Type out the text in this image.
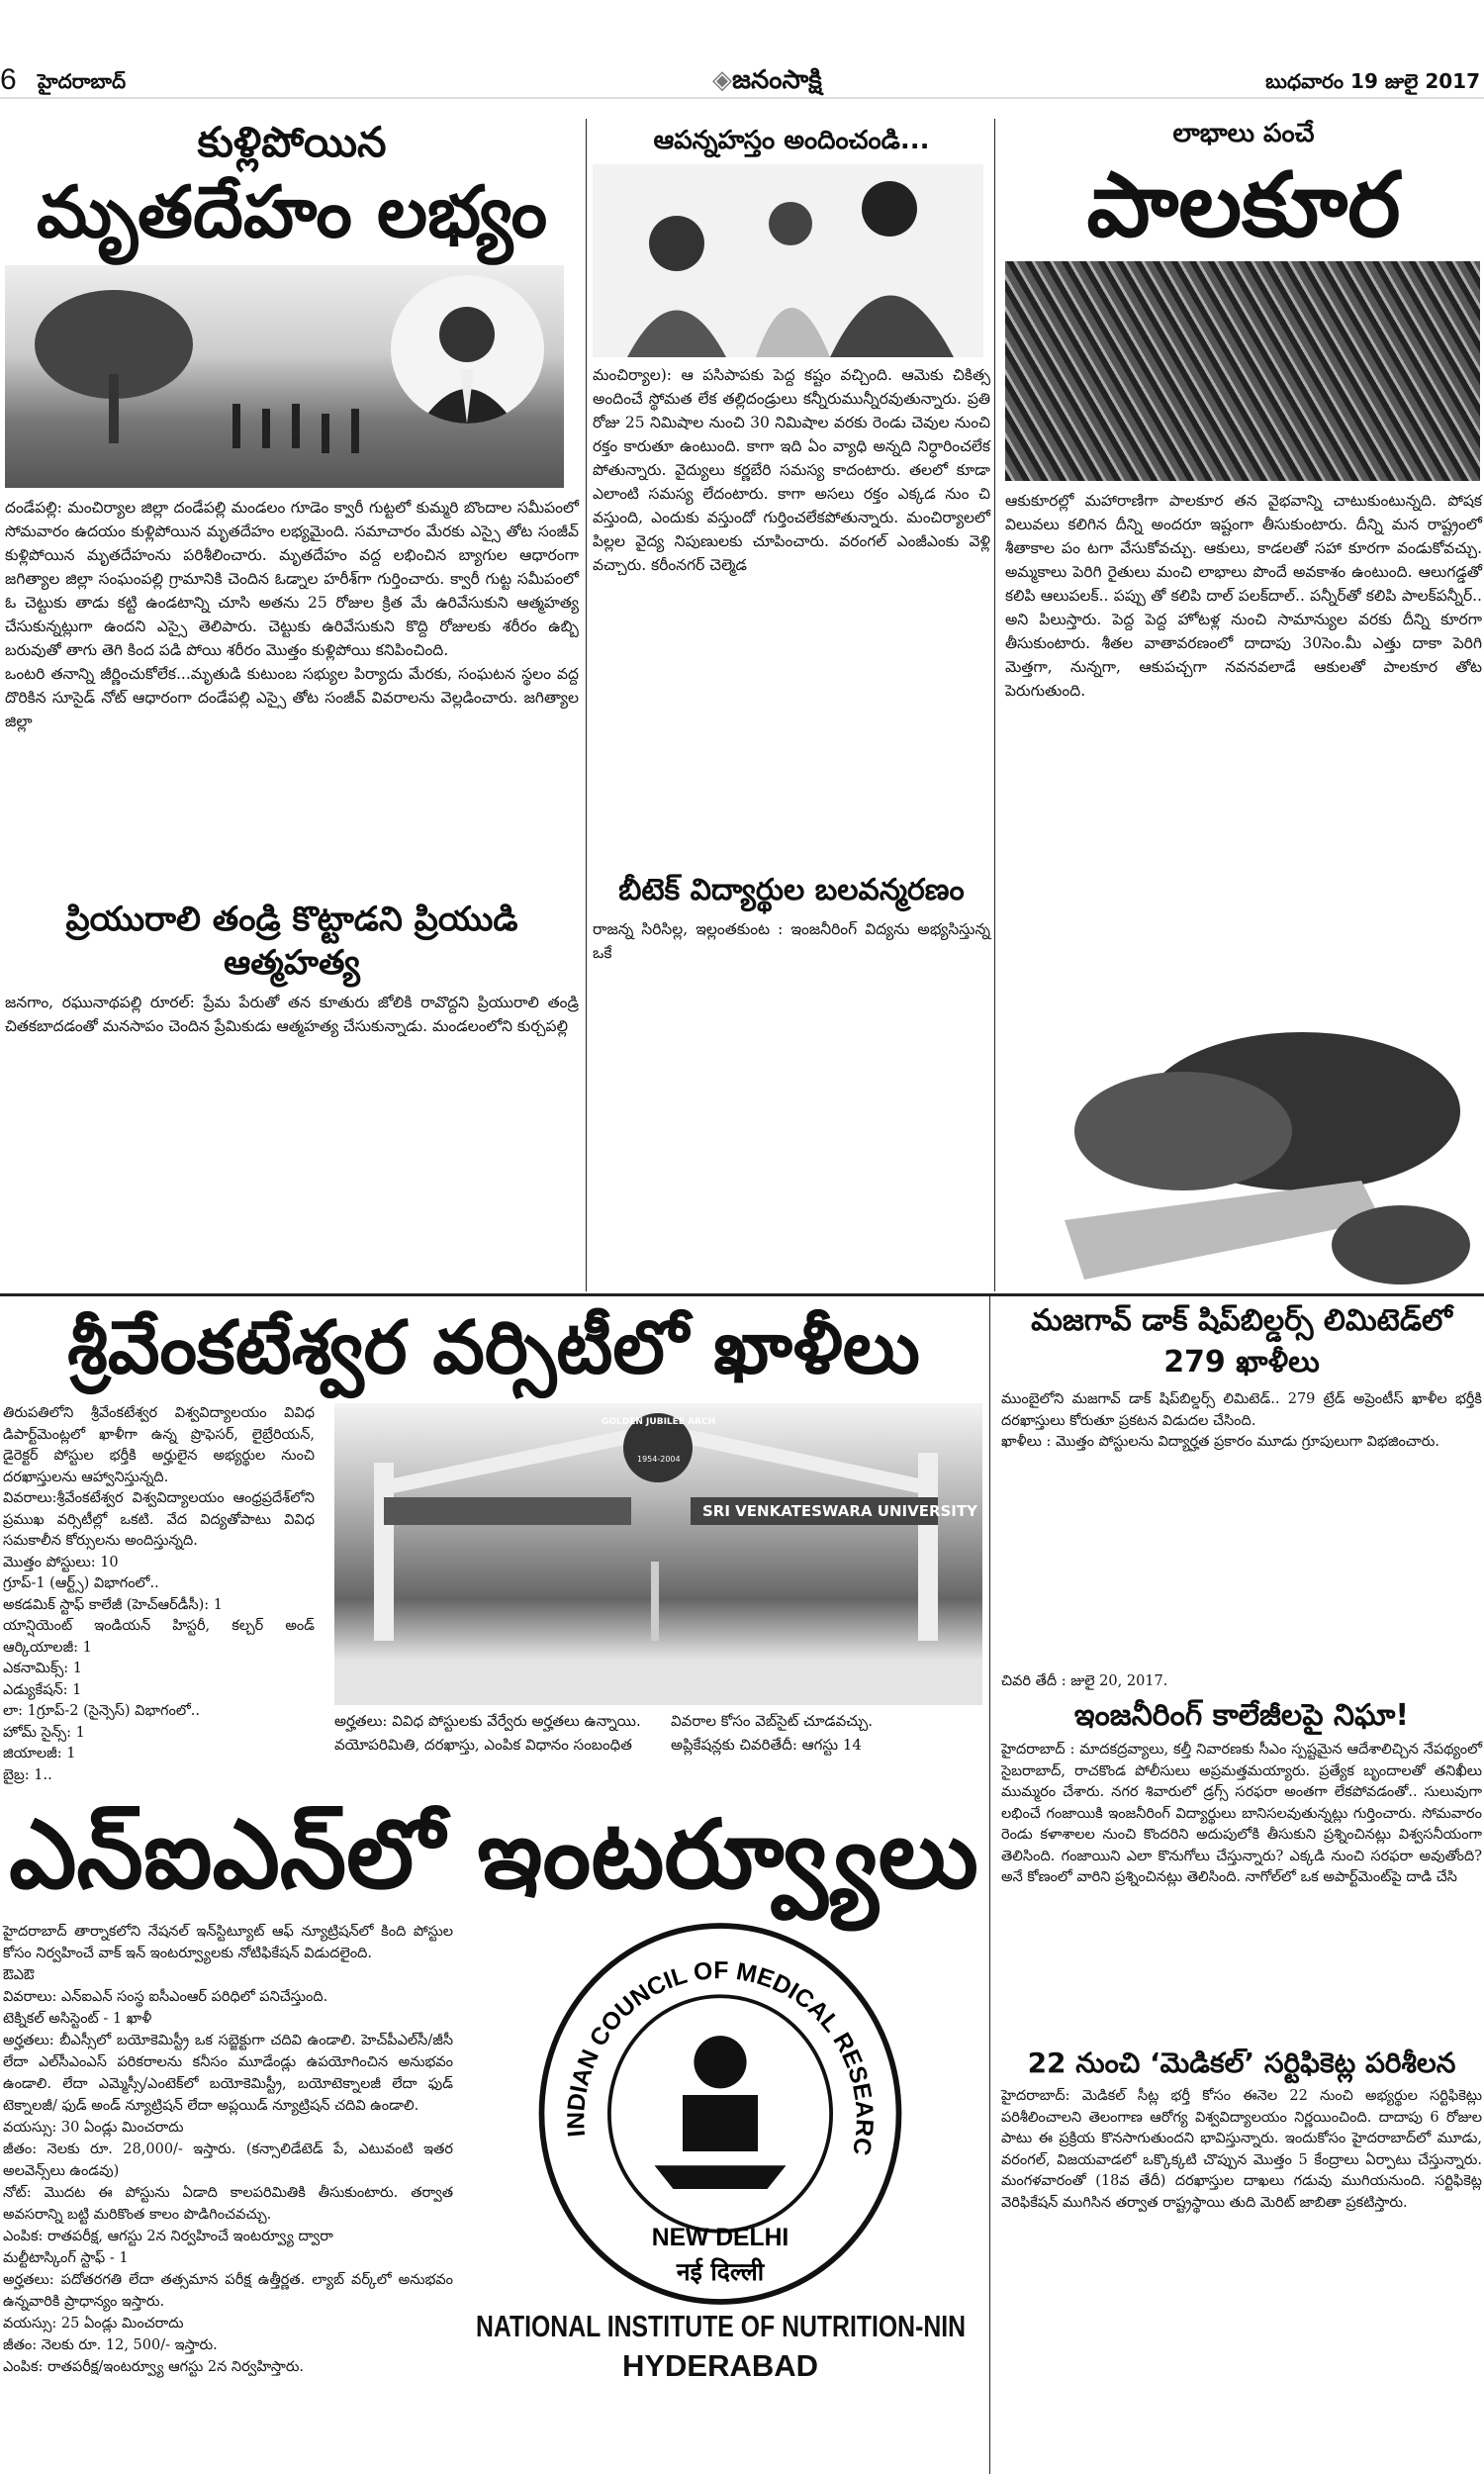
6 హైదరాబాద్	◈జనంసాక్షి	బుధవారం 19 జులై 2017
కుళ్లిపోయిన
మృతదేహం లభ్యం

దండేపల్లి: మంచిర్యాల జిల్లా దండేపల్లి మండలం గూడెం క్వారీ గుట్టలో కుమ్మరి బొందాల సమీపంలో సోమవారం ఉదయం కుళ్లిపోయిన మృతదేహం లభ్యమైంది. సమాచారం మేరకు ఎస్సై తోట సంజీవ్ కుళ్లిపోయిన మృతదేహంను పరిశీలించారు. మృతదేహం వద్ద లభించిన బ్యాగుల ఆధారంగా జగిత్యాల జిల్లా సంఘంపల్లి గ్రామానికి చెందిన ఓడ్నాల హరీశ్‌గా గుర్తించారు. క్వారీ గుట్ట సమీపంలో ఓ చెట్టుకు తాడు కట్టి ఉండటాన్ని చూసి అతను 25 రోజుల క్రిత మే ఉరివేసుకుని ఆత్మహత్య చేసుకున్నట్లుగా ఉందని ఎస్సై తెలిపారు. చెట్టుకు ఉరివేసుకుని కొద్ది రోజులకు శరీరం ఉబ్బి బరువుతో తాగు తెగి కింద పడి పోయి శరీరం మొత్తం కుళ్లిపోయి కనిపించింది.

ఒంటరి తనాన్ని జీర్ణించుకోలేక...మృతుడి కుటుంబ సభ్యుల పిర్యాదు మేరకు, సంఘటన స్థలం వద్ద దొరికిన సూసైడ్ నోట్ ఆధారంగా దండేపల్లి ఎస్సై తోట సంజీవ్ వివరాలను వెల్లడించారు. జగిత్యాల జిల్లా

ప్రియురాలి తండ్రి కొట్టాడని ప్రియుడి ఆత్మహత్య
జనగాం, రఘునాథపల్లి రూరల్: ప్రేమ పేరుతో తన కూతురు జోలికి రావొద్దని ప్రియురాలి తండ్రి చితకబాదడంతో మనసాపం చెందిన ప్రేమికుడు ఆత్మహత్య చేసుకున్నాడు. మండలంలోని కుర్చపల్లి
ఆపన్నహస్తం అందించండి...
మంచిర్యాల): ఆ పసిపాపకు పెద్ద కష్టం వచ్చింది. ఆమెకు చికిత్స అందించే స్థోమత లేక తల్లిదండ్రులు కన్నీరుమున్నీరవుతున్నారు. ప్రతి రోజు 25 నిమిషాల నుంచి 30 నిమిషాల వరకు రెండు చెవుల నుంచి రక్తం కారుతూ ఉంటుంది. కాగా ఇది ఏం వ్యాధి అన్నది నిర్ధారించలేక పోతున్నారు. వైద్యులు కర్ణబేరి సమస్య కాదంటారు. తలలో కూడా ఎలాంటి సమస్య లేదంటారు. కాగా అసలు రక్తం ఎక్కడ నుం చి వస్తుంది, ఎందుకు వస్తుందో గుర్తించలేకపోతున్నారు. మంచిర్యాలలో పిల్లల వైద్య నిపుణులకు చూపించారు. వరంగల్ ఎంజీఎంకు వెళ్లి వచ్చారు. కరీంనగర్ చెల్మెడ
బీటెక్ విద్యార్థుల బలవన్మరణం
రాజన్న సిరిసిల్ల, ఇల్లంతకుంట : ఇంజనీరింగ్ విద్యను అభ్యసిస్తున్న ఒకే
లాభాలు పంచే
పాలకూర
ఆకుకూరల్లో మహారాణిగా పాలకూర తన వైభవాన్ని చాటుకుంటున్నది. పోషక విలువలు కలిగిన దీన్ని అందరూ ఇష్టంగా తీసుకుంటారు. దీన్ని మన రాష్ట్రంలో శీతాకాల పం టగా వేసుకోవచ్చు. ఆకులు, కాడలతో సహా కూరగా వండుకోవచ్చు. అమ్మకాలు పెరిగి రైతులు మంచి లాభాలు పొందే అవకాశం ఉంటుంది. ఆలుగడ్డతో కలిపి ఆలుపలక్.. పప్పు తో కలిపి దాల్ పలక్‌దాల్.. పన్నీర్‌తో కలిపి పాలక్‌పన్నీర్.. అని పిలుస్తారు. పెద్ద పెద్ద హోటళ్ల నుంచి సామాన్యుల వరకు దీన్ని కూరగా తీసుకుంటారు. శీతల వాతావరణంలో దాదాపు 30సెం.మీ ఎత్తు దాకా పెరిగి మెత్తగా, నున్నగా, ఆకుపచ్చగా నవనవలాడే ఆకులతో పాలకూర తోట పెరుగుతుంది.
శ్రీవేంకటేశ్వర వర్సిటీలో ఖాళీలు

తిరుపతిలోని శ్రీవేంకటేశ్వర విశ్వవిద్యాలయం వివిధ డిపార్ట్‌మెంట్లలో ఖాళీగా ఉన్న ప్రొఫెసర్, లైబ్రేరియన్, డైరెక్టర్ పోస్టుల భర్తీకి అర్హులైన అభ్యర్థుల నుంచి దరఖాస్తులను ఆహ్వానిస్తున్నది.

వివరాలు:శ్రీవేంకటేశ్వర విశ్వవిద్యాలయం ఆంధ్రప్రదేశ్‌లోని ప్రముఖ వర్సిటీల్లో ఒకటి. వేద విద్యతోపాటు వివిధ సమకాలీన కోర్సులను అందిస్తున్నది.

మొత్తం పోస్టులు: 10

గ్రూప్-1 (ఆర్ట్స్) విభాగంలో..

అకడమిక్ స్టాఫ్ కాలేజీ (హెచ్‌ఆర్‌డీసీ): 1

యాన్షియెంట్ ఇండియన్ హిస్టరీ, కల్చర్ అండ్ ఆర్కియాలజీ: 1

ఎకనామిక్స్: 1

ఎడ్యుకేషన్: 1

లా: 1గ్రూప్-2 (సైన్సెస్) విభాగంలో..

హోమ్ సైన్స్: 1

జియాలజీ: 1

బైబ్ర: 1..

GOLDEN JUBILEE ARCH
1954-2004
SRI VENKATESWARA UNIVERSITY
అర్హతలు: వివిధ పోస్టులకు వేర్వేరు అర్హతలు ఉన్నాయి.
వయోపరిమితి, దరఖాస్తు, ఎంపిక విధానం సంబంధిత
వివరాల కోసం వెబ్‌సైట్ చూడవచ్చు.
అప్లికేషన్లకు చివరితేదీ: ఆగస్టు 14
ఎన్ఐఎన్‌లో ఇంటర్వ్యూలు

హైదరాబాద్ తార్నాకలోని నేషనల్ ఇన్‌స్టిట్యూట్ ఆఫ్ న్యూట్రిషన్‌లో కింది పోస్టుల కోసం నిర్వహించే వాక్ ఇన్ ఇంటర్వ్యూలకు నోటిఫికేషన్ విడుదలైంది.

ఔఎఔ

వివరాలు: ఎన్ఐఎన్ సంస్థ ఐసీఎంఆర్ పరిధిలో పనిచేస్తుంది.

టెక్నికల్ అసిస్టెంట్ - 1 ఖాళీ

అర్హతలు: బీఎస్సీలో బయోకెమిస్ట్రీ ఒక సబ్జెక్టుగా చదివి ఉండాలి. హెచ్‌పీఎల్‌సీ/జీసీ లేదా ఎల్‌సీఎంఎస్ పరికరాలను కనీసం మూడేండ్లు ఉపయోగించిన అనుభవం ఉండాలి. లేదా ఎమ్మెస్సీ/ఎంటెక్‌లో బయోకెమిస్ట్రీ, బయోటెక్నాలజీ లేదా ఫుడ్ టెక్నాలజీ/ ఫుడ్ అండ్ న్యూట్రిషన్ లేదా అప్లయిడ్ న్యూట్రిషన్ చదివి ఉండాలి.

వయస్సు: 30 ఏండ్లు మించరాదు

జీతం: నెలకు రూ. 28,000/- ఇస్తారు. (కన్సాలిడేటెడ్ పే, ఎటువంటి ఇతర అలవెన్స్‌లు ఉండవు)

నోట్: మొదట ఈ పోస్టును ఏడాది కాలపరిమితికి తీసుకుంటారు. తర్వాత అవసరాన్ని బట్టి మరికొంత కాలం పొడిగించవచ్చు.

ఎంపిక: రాతపరీక్ష, ఆగస్టు 2న నిర్వహించే ఇంటర్వ్యూ ద్వారా

మల్టీటాస్కింగ్ స్టాఫ్ - 1

అర్హతలు: పదోతరగతి లేదా తత్సమాన పరీక్ష ఉత్తీర్ణత. ల్యాబ్ వర్క్‌లో అనుభవం ఉన్నవారికి ప్రాధాన్యం ఇస్తారు.

వయస్సు: 25 ఏండ్లు మించరాదు

జీతం: నెలకు రూ. 12, 500/- ఇస్తారు.

ఎంపిక: రాతపరీక్ష/ఇంటర్వ్యూ ఆగస్టు 2న నిర్వహిస్తారు.

INDIAN COUNCIL OF MEDICAL RESEARC
NEW DELHI
नई दिल्ली
NATIONAL INSTITUTE OF NUTRITION-NIN
HYDERABAD
మజగావ్ డాక్ షిప్‌బిల్డర్స్ లిమిటెడ్‌లో 279 ఖాళీలు

ముంబైలోని మజగావ్ డాక్ షిప్‌బిల్డర్స్ లిమిటెడ్.. 279 ట్రేడ్ అప్రెంటీస్ ఖాళీల భర్తీకి దరఖాస్తులు కోరుతూ ప్రకటన విడుదల చేసింది.

ఖాళీలు : మొత్తం పోస్టులను విద్యార్హత ప్రకారం మూడు గ్రూపులుగా విభజించారు.

చివరి తేదీ : జులై 20, 2017.

ఇంజనీరింగ్ కాలేజీలపై నిఘా!
హైదరాబాద్ : మాదకద్రవ్యాలు, కల్తీ నివారణకు సీఎం స్పష్టమైన ఆదేశాలిచ్చిన నేపథ్యంలో సైబరాబాద్, రాచకొండ పోలీసులు అప్రమత్తమయ్యారు. ప్రత్యేక బృందాలతో తనిఖీలు ముమ్మరం చేశారు. నగర శివారులో డ్రగ్స్ సరఫరా అంతగా లేకపోవడంతో.. సులువుగా లభించే గంజాయికి ఇంజనీరింగ్ విద్యార్థులు బానిసలవుతున్నట్లు గుర్తించారు. సోమవారం రెండు కళాశాలల నుంచి కొందరిని అదుపులోకి తీసుకుని ప్రశ్నించినట్లు విశ్వసనీయంగా తెలిసింది. గంజాయిని ఎలా కొనుగోలు చేస్తున్నారు? ఎక్కడి నుంచి సరఫరా అవుతోంది? అనే కోణంలో వారిని ప్రశ్నించినట్లు తెలిసింది. నాగోల్‌లో ఒక అపార్ట్‌మెంట్‌పై దాడి చేసి
22 నుంచి ‘మెడికల్’ సర్టిఫికెట్ల పరిశీలన
హైదరాబాద్: మెడికల్ సీట్ల భర్తీ కోసం ఈనెల 22 నుంచి అభ్యర్థుల సర్టిఫికెట్లు పరిశీలించాలని తెలంగాణ ఆరోగ్య విశ్వవిద్యాలయం నిర్ణయించింది. దాదాపు 6 రోజుల పాటు ఈ ప్రక్రియ కొనసాగుతుందని భావిస్తున్నారు. ఇందుకోసం హైదరాబాద్‌లో మూడు, వరంగల్, విజయవాడలో ఒక్కొక్కటి చొప్పున మొత్తం 5 కేంద్రాలు ఏర్పాటు చేస్తున్నారు. మంగళవారంతో (18వ తేదీ) దరఖాస్తుల దాఖలు గడువు ముగియనుంది. సర్టిఫికెట్ల వెరిఫికేషన్ ముగిసిన తర్వాత రాష్ట్రస్థాయి తుది మెరిట్ జాబితా ప్రకటిస్తారు.
